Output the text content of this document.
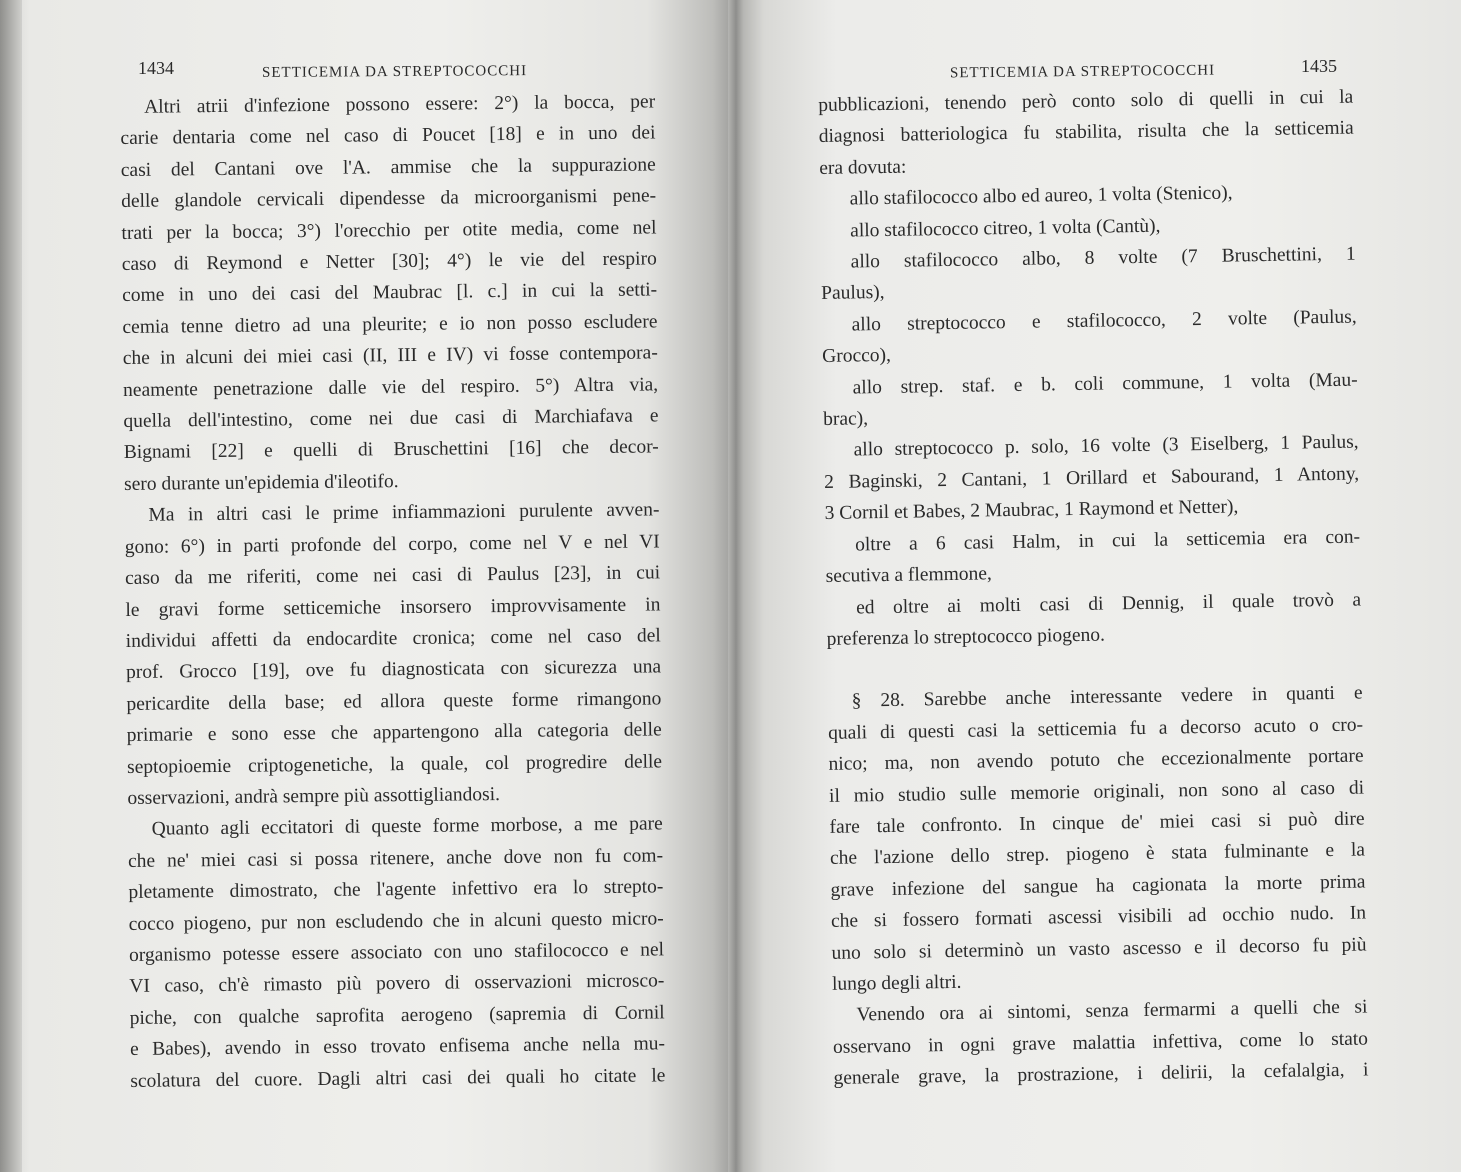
1434	SETTICEMIA DA STREPTOCOCCHI
Altri atrii d'infezione possono essere: 2°) la bocca, per
carie dentaria come nel caso di Poucet [18] e in uno dei
casi del Cantani ove l'A. ammise che la suppurazione
delle glandole cervicali dipendesse da microorganismi pene-
trati per la bocca; 3°) l'orecchio per otite media, come nel
caso di Reymond e Netter [30]; 4°) le vie del respiro
come in uno dei casi del Maubrac [l. c.] in cui la setti-
cemia tenne dietro ad una pleurite; e io non posso escludere
che in alcuni dei miei casi (II, III e IV) vi fosse contempora-
neamente penetrazione dalle vie del respiro. 5°) Altra via,
quella dell'intestino, come nei due casi di Marchiafava e
Bignami [22] e quelli di Bruschettini [16] che decor-
sero durante un'epidemia d'ileotifo.
Ma in altri casi le prime infiammazioni purulente avven-
gono: 6°) in parti profonde del corpo, come nel V e nel VI
caso da me riferiti, come nei casi di Paulus [23], in cui
le gravi forme setticemiche insorsero improvvisamente in
individui affetti da endocardite cronica; come nel caso del
prof. Grocco [19], ove fu diagnosticata con sicurezza una
pericardite della base; ed allora queste forme rimangono
primarie e sono esse che appartengono alla categoria delle
septopioemie criptogenetiche, la quale, col progredire delle
osservazioni, andrà sempre più assottigliandosi.
Quanto agli eccitatori di queste forme morbose, a me pare
che ne' miei casi si possa ritenere, anche dove non fu com-
pletamente dimostrato, che l'agente infettivo era lo strepto-
cocco piogeno, pur non escludendo che in alcuni questo micro-
organismo potesse essere associato con uno stafilococco e nel
VI caso, ch'è rimasto più povero di osservazioni microsco-
piche, con qualche saprofita aerogeno (sapremia di Cornil
e Babes), avendo in esso trovato enfisema anche nella mu-
scolatura del cuore. Dagli altri casi dei quali ho citate le
SETTICEMIA DA STREPTOCOCCHI	1435
pubblicazioni, tenendo però conto solo di quelli in cui la
diagnosi batteriologica fu stabilita, risulta che la setticemia
era dovuta:
allo stafilococco albo ed aureo, 1 volta (Stenico),
allo stafilococco citreo, 1 volta (Cantù),
allo stafilococco albo, 8 volte (7 Bruschettini, 1
Paulus),
allo streptococco e stafilococco, 2 volte (Paulus,
Grocco),
allo strep. staf. e b. coli commune, 1 volta (Mau-
brac),
allo streptococco p. solo, 16 volte (3 Eiselberg, 1 Paulus,
2 Baginski, 2 Cantani, 1 Orillard et Sabourand, 1 Antony,
3 Cornil et Babes, 2 Maubrac, 1 Raymond et Netter),
oltre a 6 casi Halm, in cui la setticemia era con-
secutiva a flemmone,
ed oltre ai molti casi di Dennig, il quale trovò a
preferenza lo streptococco piogeno.
§ 28. Sarebbe anche interessante vedere in quanti e
quali di questi casi la setticemia fu a decorso acuto o cro-
nico; ma, non avendo potuto che eccezionalmente portare
il mio studio sulle memorie originali, non sono al caso di
fare tale confronto. In cinque de' miei casi si può dire
che l'azione dello strep. piogeno è stata fulminante e la
grave infezione del sangue ha cagionata la morte prima
che si fossero formati ascessi visibili ad occhio nudo. In
uno solo si determinò un vasto ascesso e il decorso fu più
lungo degli altri.
Venendo ora ai sintomi, senza fermarmi a quelli che si
osservano in ogni grave malattia infettiva, come lo stato
generale grave, la prostrazione, i delirii, la cefalalgia, i
